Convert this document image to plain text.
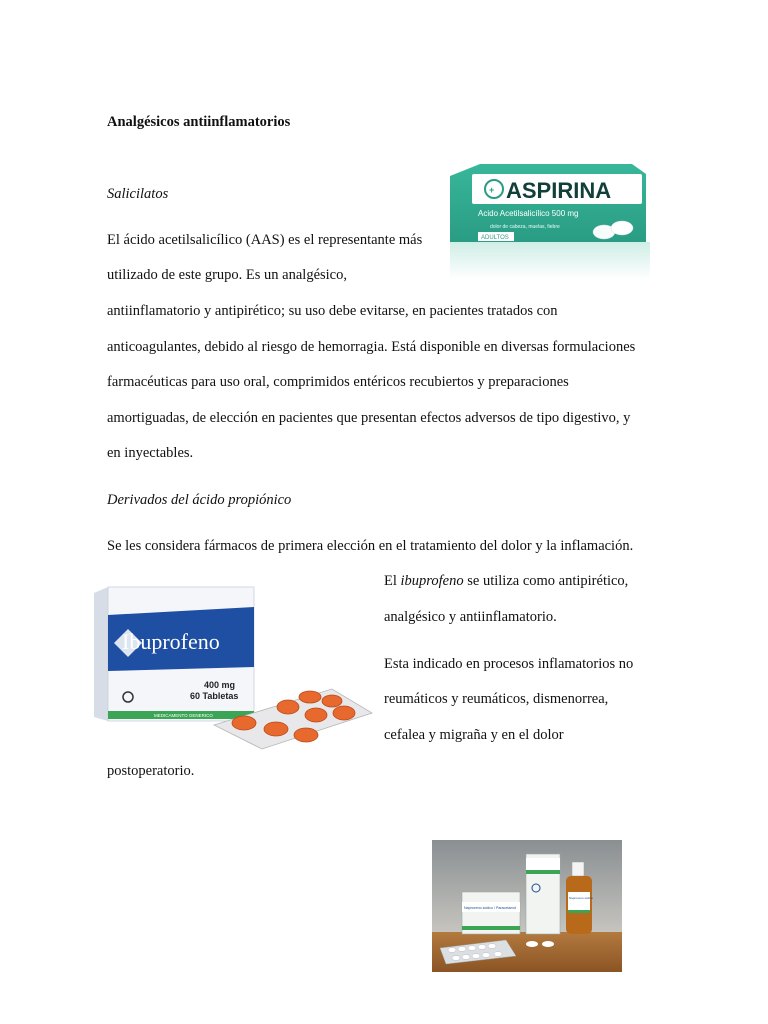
Analgésicos antiinflamatorios
Salicilatos
El ácido acetilsalicílico (AAS) es el representante más
utilizado de este grupo. Es un analgésico,
antiinflamatorio y antipirético; su uso debe evitarse, en pacientes tratados con
anticoagulantes, debido al riesgo de hemorragia. Está disponible en diversas formulaciones
farmacéuticas para uso oral, comprimidos entéricos recubiertos y preparaciones
amortiguadas, de elección en pacientes que presentan efectos adversos de tipo digestivo, y
en inyectables.
+ ASPIRINA
Acido Acetilsalicílico 500 mg
dolor de cabeza, muelas, fiebre
ADULTOS
Derivados del ácido propiónico
Se les considera fármacos de primera elección en el tratamiento del dolor y la inflamación.
El ibuprofeno se utiliza como antipirético,
analgésico y antiinflamatorio.
Esta indicado en procesos inflamatorios no
reumáticos y reumáticos, dismenorrea,
cefalea y migraña y en el dolor
postoperatorio.
Ibuprofeno
400 mg
60 Tabletas
MEDICAMENTO GENERICO
Naproxeno sódico / Paracetamol
Naproxeno sódico
